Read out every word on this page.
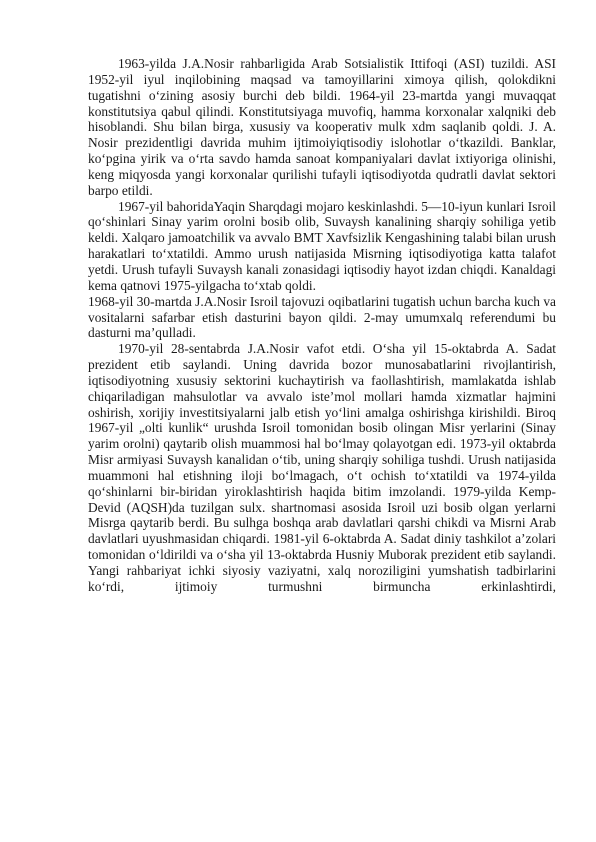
1963-yilda J.A.Nosir rahbarligida Arab Sotsialistik Ittifoqi (ASI) tuzildi. ASI 1952-yil iyul inqilobining maqsad va tamoyillarini ximoya qilish, qolokdikni tugatishni o‘zining asosiy burchi deb bildi. 1964-yil 23-martda yangi muvaqqat konstitutsiya qabul qilindi. Konstitutsiyaga muvofiq, hamma korxonalar xalqniki deb hisoblandi. Shu bilan birga, xususiy va kooperativ mulk xdm saqlanib qoldi. J. A. Nosir prezidentligi davrida muhim ijtimoiyiqtisodiy islohotlar o‘tkazildi. Banklar, ko‘pgina yirik va o‘rta savdo hamda sanoat kompaniyalari davlat ixtiyoriga olinishi, keng miqyosda yangi korxonalar qurilishi tufayli iqtisodiyotda qudratli davlat sektori barpo etildi.

1967-yil bahoridaYaqin Sharqdagi mojaro keskinlashdi. 5—10-iyun kunlari Isroil qo‘shinlari Sinay yarim orolni bosib olib, Suvaysh kanalining sharqiy sohiliga yetib keldi. Xalqaro jamoatchilik va avvalo BMT Xavfsizlik Kengashining talabi bilan urush harakatlari to‘xtatildi. Ammo urush natijasida Misrning iqtisodiyotiga katta talafot yetdi. Urush tufayli Suvaysh kanali zonasidagi iqtisodiy hayot izdan chiqdi. Kanaldagi kema qatnovi 1975-yilgacha to‘xtab qoldi.

1968-yil 30-martda J.A.Nosir Isroil tajovuzi oqibatlarini tugatish uchun barcha kuch va vositalarni safarbar etish dasturini bayon qildi. 2-may umumxalq referendumi bu dasturni ma’qulladi.

1970-yil 28-sentabrda J.A.Nosir vafot etdi. O‘sha yil 15-oktabrda A. Sadat prezident etib saylandi. Uning davrida bozor munosabatlarini rivojlantirish, iqtisodiyotning xususiy sektorini kuchaytirish va faollashtirish, mamlakatda ishlab chiqariladigan mahsulotlar va avvalo iste’mol mollari hamda xizmatlar hajmini oshirish, xorijiy investitsiyalarni jalb etish yo‘lini amalga oshirishga kirishildi. Biroq 1967-yil „olti kunlik“ urushda Isroil tomonidan bosib olingan Misr yerlarini (Sinay yarim orolni) qaytarib olish muammosi hal bo‘lmay qolayotgan edi. 1973-yil oktabrda Misr armiyasi Suvaysh kanalidan o‘tib, uning sharqiy sohiliga tushdi. Urush natijasida muammoni hal etishning iloji bo‘lmagach, o‘t ochish to‘xtatildi va 1974-yilda qo‘shinlarni bir-biridan yiroklashtirish haqida bitim imzolandi. 1979-yilda Kemp-Devid (AQSH)da tuzilgan sulx. shartnomasi asosida Isroil uzi bosib olgan yerlarni Misrga qaytarib berdi. Bu sulhga boshqa arab davlatlari qarshi chikdi va Misrni Arab davlatlari uyushmasidan chiqardi. 1981-yil 6-oktabrda A. Sadat diniy tashkilot a’zolari tomonidan o‘ldirildi va o‘sha yil 13-oktabrda Husniy Muborak prezident etib saylandi. Yangi rahbariyat ichki siyosiy vaziyatni, xalq noroziligini yumshatish tadbirlarini ko‘rdi, ijtimoiy turmushni birmuncha erkinlashtirdi,
